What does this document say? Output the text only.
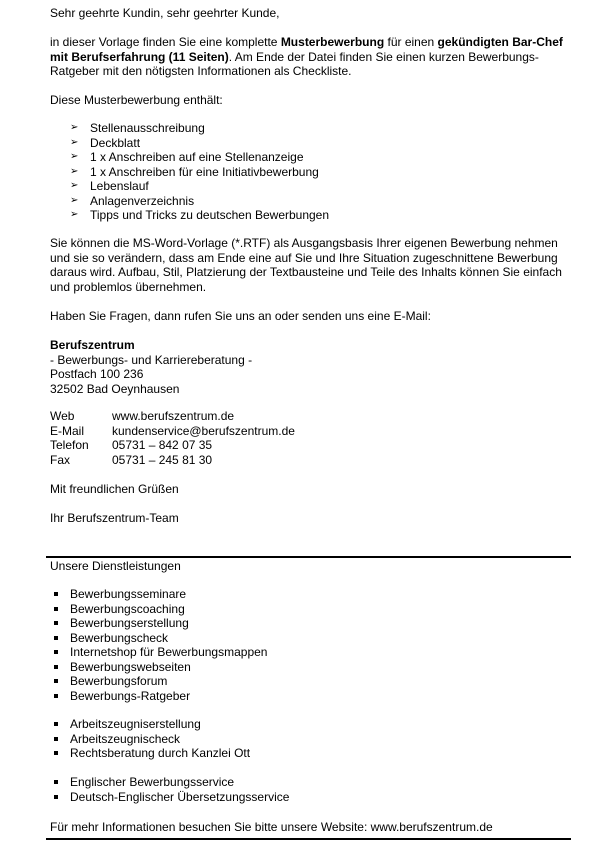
Sehr geehrte Kundin, sehr geehrter Kunde,

in dieser Vorlage finden Sie eine komplette Musterbewerbung für einen gekündigten Bar-Chef mit Berufserfahrung (11 Seiten). Am Ende der Datei finden Sie einen kurzen Bewerbungs-Ratgeber mit den nötigsten Informationen als Checkliste.

Diese Musterbewerbung enthält:

➢ Stellenausschreibung
➢ Deckblatt
➢ 1 x Anschreiben auf eine Stellenanzeige
➢ 1 x Anschreiben für eine Initiativbewerbung
➢ Lebenslauf
➢ Anlagenverzeichnis
➢ Tipps und Tricks zu deutschen Bewerbungen

Sie können die MS-Word-Vorlage (*.RTF) als Ausgangsbasis Ihrer eigenen Bewerbung nehmen und sie so verändern, dass am Ende eine auf Sie und Ihre Situation zugeschnittene Bewerbung daraus wird. Aufbau, Stil, Platzierung der Textbausteine und Teile des Inhalts können Sie einfach und problemlos übernehmen.

Haben Sie Fragen, dann rufen Sie uns an oder senden uns eine E-Mail:

Berufszentrum
- Bewerbungs- und Karriereberatung -
Postfach 100 236
32502 Bad Oeynhausen
Web	www.berufszentrum.de
E-Mail kundenservice@berufszentrum.de
Telefon 05731 – 842 07 35
Fax	05731 – 245 81 30

Mit freundlichen Grüßen

Ihr Berufszentrum-Team

Unsere Dienstleistungen

Bewerbungsseminare
Bewerbungscoaching
Bewerbungserstellung
Bewerbungscheck
Internetshop für Bewerbungsmappen
Bewerbungswebseiten
Bewerbungsforum
Bewerbungs-Ratgeber
Arbeitszeugniserstellung
Arbeitszeugnischeck
Rechtsberatung durch Kanzlei Ott
Englischer Bewerbungsservice
Deutsch-Englischer Übersetzungsservice

Für mehr Informationen besuchen Sie bitte unsere Website: www.berufszentrum.de
